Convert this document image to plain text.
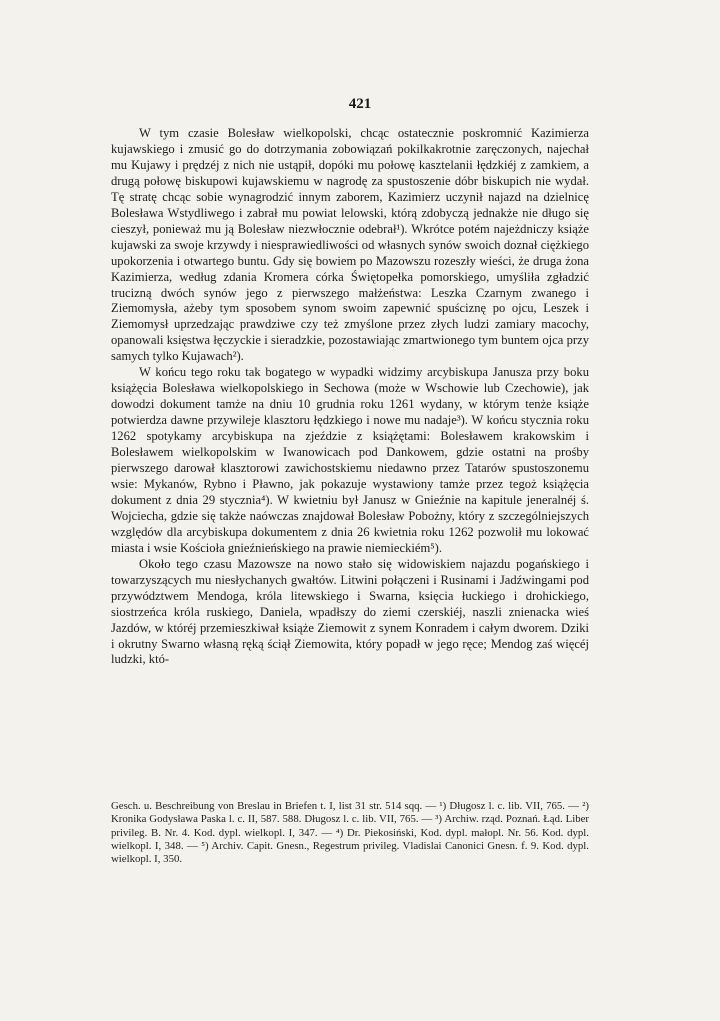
421

W tym czasie Bolesław wielkopolski, chcąc ostatecznie poskromnić Kazimierza kujawskiego i zmusić go do dotrzymania zobowiązań pokilkakrotnie zaręczonych, najechał mu Kujawy i prędzéj z nich nie ustąpił, dopóki mu połowę kasztelanii łędzkiéj z zamkiem, a drugą połowę biskupowi kujawskiemu w nagrodę za spustoszenie dóbr biskupich nie wydał. Tę stratę chcąc sobie wynagrodzić innym zaborem, Kazimierz uczynił najazd na dzielnicę Bolesława Wstydliwego i zabrał mu powiat lelowski, którą zdobyczą jednakże nie długo się cieszył, ponieważ mu ją Bolesław niezwłocznie odebrał¹). Wkrótce potém najeżdniczy książe kujawski za swoje krzywdy i niesprawiedliwości od własnych synów swoich doznał ciężkiego upokorzenia i otwartego buntu. Gdy się bowiem po Mazowszu rozeszły wieści, że druga żona Kazimierza, według zdania Kromera córka Świętopełka pomorskiego, umyśliła zgładzić trucizną dwóch synów jego z pierwszego małżeństwa: Leszka Czarnym zwanego i Ziemomysła, ażeby tym sposobem synom swoim zapewnić spuściznę po ojcu, Leszek i Ziemomysł uprzedzając prawdziwe czy też zmyślone przez złych ludzi zamiary macochy, opanowali księstwa łęczyckie i sieradzkie, pozostawiając zmartwionego tym buntem ojca przy samych tylko Kujawach²).

W końcu tego roku tak bogatego w wypadki widzimy arcybiskupa Janusza przy boku książęcia Bolesława wielkopolskiego in Sechowa (może w Wschowie lub Czechowie), jak dowodzi dokument tamże na dniu 10 grudnia roku 1261 wydany, w którym tenże książe potwierdza dawne przywileje klasztoru łędzkiego i nowe mu nadaje³). W końcu stycznia roku 1262 spotykamy arcybiskupa na zjeździe z książętami: Bolesławem krakowskim i Bolesławem wielkopolskim w Iwanowicach pod Dankowem, gdzie ostatni na prośby pierwszego darował klasztorowi zawichostskiemu niedawno przez Tatarów spustoszonemu wsie: Mykanów, Rybno i Pławno, jak pokazuje wystawiony tamże przez tegoż książęcia dokument z dnia 29 stycznia⁴). W kwietniu był Janusz w Gnieźnie na kapitule jeneralnéj ś. Wojciecha, gdzie się także naówczas znajdował Bolesław Pobożny, który z szczególniejszych względów dla arcybiskupa dokumentem z dnia 26 kwietnia roku 1262 pozwolił mu lokować miasta i wsie Kościoła gnieźnieńskiego na prawie niemieckiém⁵).

Około tego czasu Mazowsze na nowo stało się widowiskiem najazdu pogańskiego i towarzyszących mu niesłychanych gwałtów. Litwini połączeni i Rusinami i Jadźwingami pod przywództwem Mendoga, króla litewskiego i Swarna, księcia łuckiego i drohickiego, siostrzeńca króla ruskiego, Daniela, wpadłszy do ziemi czerskiéj, naszli znienacka wieś Jazdów, w któréj przemieszkiwał książe Ziemowit z synem Konradem i całym dworem. Dzikі i okrutny Swarno własną ręką ściął Ziemowita, który popadł w jego ręce; Mendog zaś więcéj ludzki, któ-

Gesch. u. Beschreibung von Breslau in Briefen t. I, list 31 str. 514 sqq. — ¹) Długosz l. c. lib. VII, 765. — ²) Kronika Godysława Paska l. c. II, 587. 588. Długosz l. c. lib. VII, 765. — ³) Archiw. rząd. Poznań. Łąd. Liber privileg. B. Nr. 4. Kod. dypl. wielkopl. I, 347. — ⁴) Dr. Piekosiński, Kod. dypl. małopl. Nr. 56. Kod. dypl. wielkopl. I, 348. — ⁵) Archiv. Capit. Gnesn., Regestrum privileg. Vladislai Canonici Gnesn. f. 9. Kod. dypl. wielkopl. I, 350.
